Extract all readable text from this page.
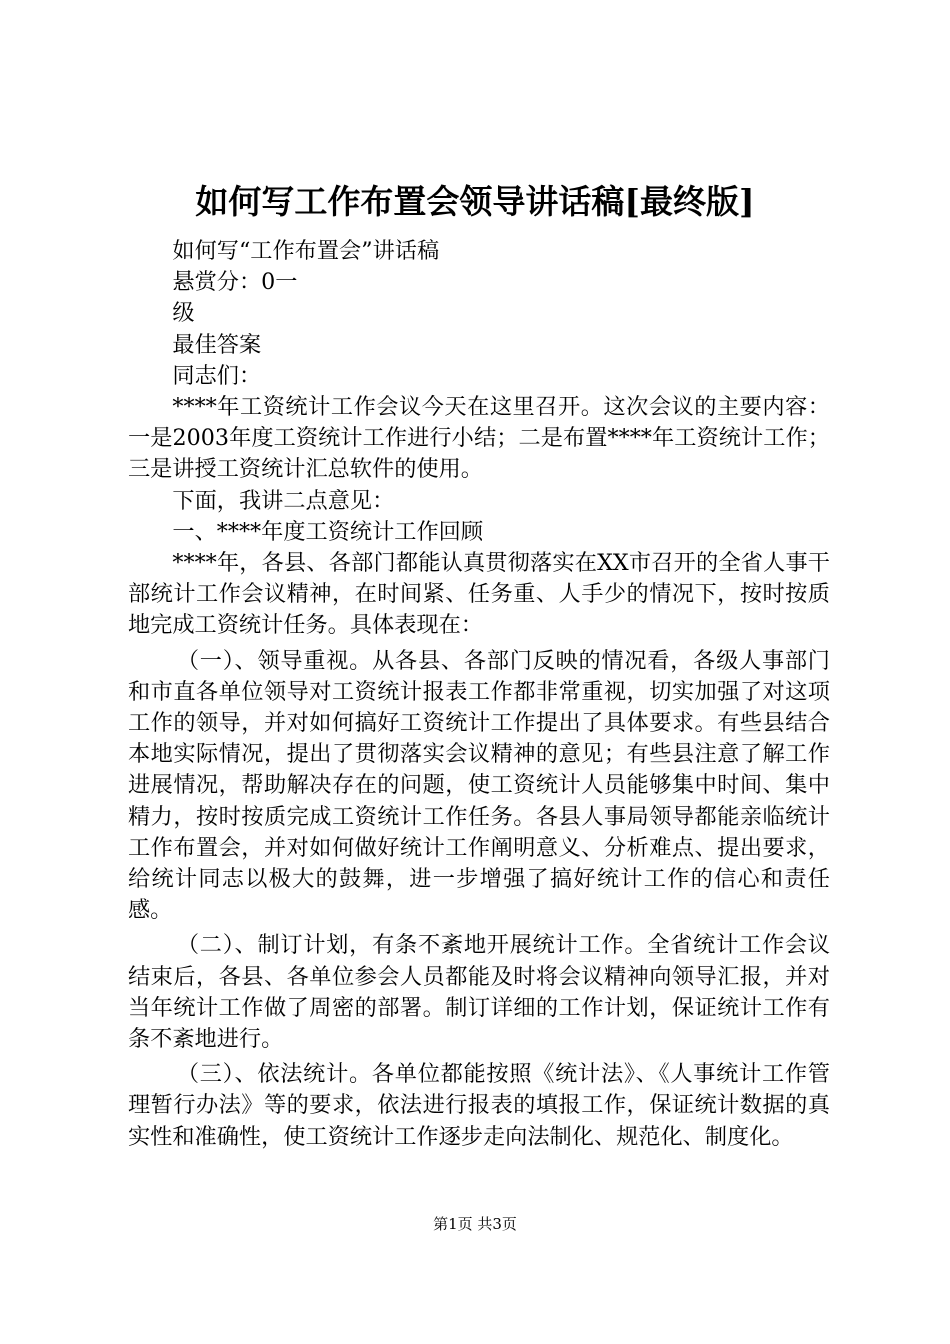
如何写工作布置会领导讲话稿[最终版]

如何写“工作布置会”讲话稿

悬赏分：0一

级

最佳答案

同志们：

****年工资统计工作会议今天在这里召开。这次会议的主要内容：一是2003年度工资统计工作进行小结；二是布置****年工资统计工作；三是讲授工资统计汇总软件的使用。

下面，我讲二点意见：

一、****年度工资统计工作回顾

****年，各县、各部门都能认真贯彻落实在XX市召开的全省人事干部统计工作会议精神，在时间紧、任务重、人手少的情况下，按时按质地完成工资统计任务。具体表现在：

（一）、领导重视。从各县、各部门反映的情况看，各级人事部门和市直各单位领导对工资统计报表工作都非常重视，切实加强了对这项工作的领导，并对如何搞好工资统计工作提出了具体要求。有些县结合本地实际情况，提出了贯彻落实会议精神的意见；有些县注意了解工作进展情况，帮助解决存在的问题，使工资统计人员能够集中时间、集中精力，按时按质完成工资统计工作任务。各县人事局领导都能亲临统计工作布置会，并对如何做好统计工作阐明意义、分析难点、提出要求，给统计同志以极大的鼓舞，进一步增强了搞好统计工作的信心和责任感。

（二）、制订计划，有条不紊地开展统计工作。全省统计工作会议结束后，各县、各单位参会人员都能及时将会议精神向领导汇报，并对当年统计工作做了周密的部署。制订详细的工作计划，保证统计工作有条不紊地进行。

（三）、依法统计。各单位都能按照《统计法》、《人事统计工作管理暂行办法》等的要求，依法进行报表的填报工作，保证统计数据的真实性和准确性，使工资统计工作逐步走向法制化、规范化、制度化。

第1页 共3页
